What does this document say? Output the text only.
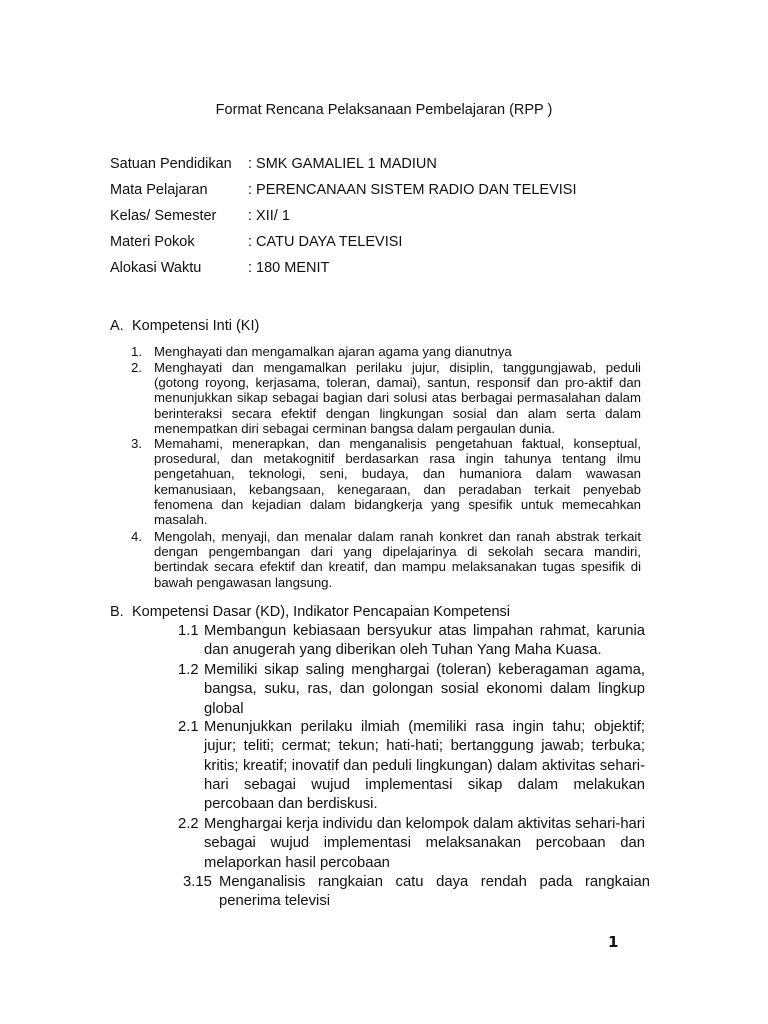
Format Rencana Pelaksanaan Pembelajaran (RPP )
Satuan Pendidikan : SMK GAMALIEL 1 MADIUN
Mata Pelajaran	: PERENCANAAN SISTEM RADIO DAN TELEVISI
Kelas/ Semester : XII/ 1
Materi Pokok	: CATU DAYA TELEVISI
Alokasi Waktu	: 180 MENIT
A. Kompetensi Inti (KI)
1. Menghayati dan mengamalkan ajaran agama yang dianutnya
2. Menghayati dan mengamalkan perilaku jujur, disiplin, tanggungjawab, peduli (gotong royong, kerjasama, toleran, damai), santun, responsif dan pro-aktif dan menunjukkan sikap sebagai bagian dari solusi atas berbagai permasalahan dalam berinteraksi secara efektif dengan lingkungan sosial dan alam serta dalam menempatkan diri sebagai cerminan bangsa dalam pergaulan dunia.
3. Memahami, menerapkan, dan menganalisis pengetahuan faktual, konseptual, prosedural, dan metakognitif berdasarkan rasa ingin tahunya tentang ilmu pengetahuan, teknologi, seni, budaya, dan humaniora dalam wawasan kemanusiaan, kebangsaan, kenegaraan, dan peradaban terkait penyebab fenomena dan kejadian dalam bidangkerja yang spesifik untuk memecahkan masalah.
4. Mengolah, menyaji, dan menalar dalam ranah konkret dan ranah abstrak terkait dengan pengembangan dari yang dipelajarinya di sekolah secara mandiri, bertindak secara efektif dan kreatif, dan mampu melaksanakan tugas spesifik di bawah pengawasan langsung.
B. Kompetensi Dasar (KD), Indikator Pencapaian Kompetensi
1.1 Membangun kebiasaan bersyukur atas limpahan rahmat, karunia dan anugerah yang diberikan oleh Tuhan Yang Maha Kuasa.
1.2 Memiliki sikap saling menghargai (toleran) keberagaman agama, bangsa, suku, ras, dan golongan sosial ekonomi dalam lingkup global
2.1 Menunjukkan perilaku ilmiah (memiliki rasa ingin tahu; objektif; jujur; teliti; cermat; tekun; hati-hati; bertanggung jawab; terbuka; kritis; kreatif; inovatif dan peduli lingkungan) dalam aktivitas sehari-hari sebagai wujud implementasi sikap dalam melakukan percobaan dan berdiskusi.
2.2 Menghargai kerja individu dan kelompok dalam aktivitas sehari-hari sebagai wujud implementasi melaksanakan percobaan dan melaporkan hasil percobaan
3.15 Menganalisis rangkaian catu daya rendah pada rangkaian penerima televisi
1
